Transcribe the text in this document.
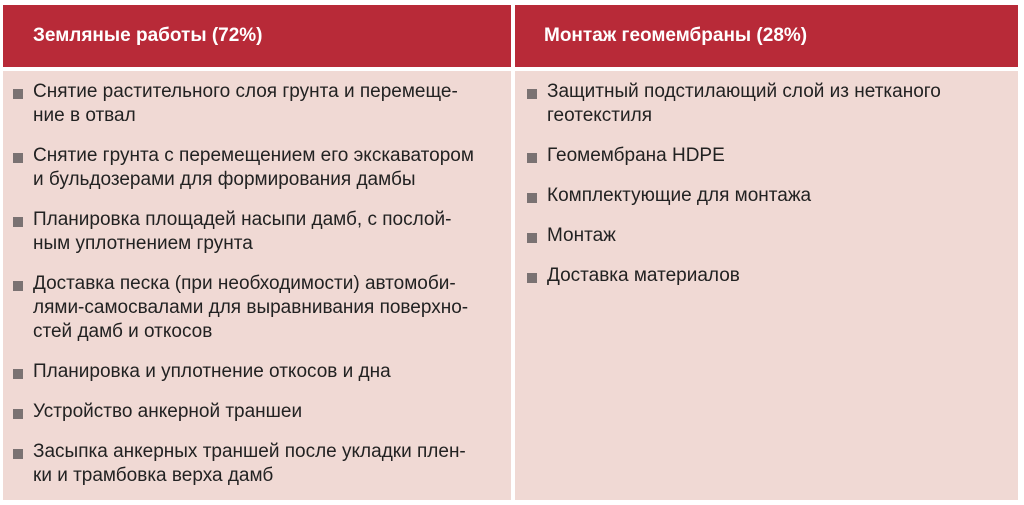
Земляные работы (72%)	Монтаж геомембраны (28%)
Снятие растительного слоя грунта и перемеще-
ние в отвал
Снятие грунта с перемещением его экскаватором
и бульдозерами для формирования дамбы
Планировка площадей насыпи дамб, с послой-
ным уплотнением грунта
Доставка песка (при необходимости) автомоби-
лями-самосвалами для выравнивания поверхно-
стей дамб и откосов
Планировка и уплотнение откосов и дна
Устройство анкерной траншеи
Засыпка анкерных траншей после укладки плен-
ки и трамбовка верха дамб
Защитный подстилающий слой из нетканого
геотекстиля
Геомембрана HDPE
Комплектующие для монтажа
Монтаж
Доставка материалов
